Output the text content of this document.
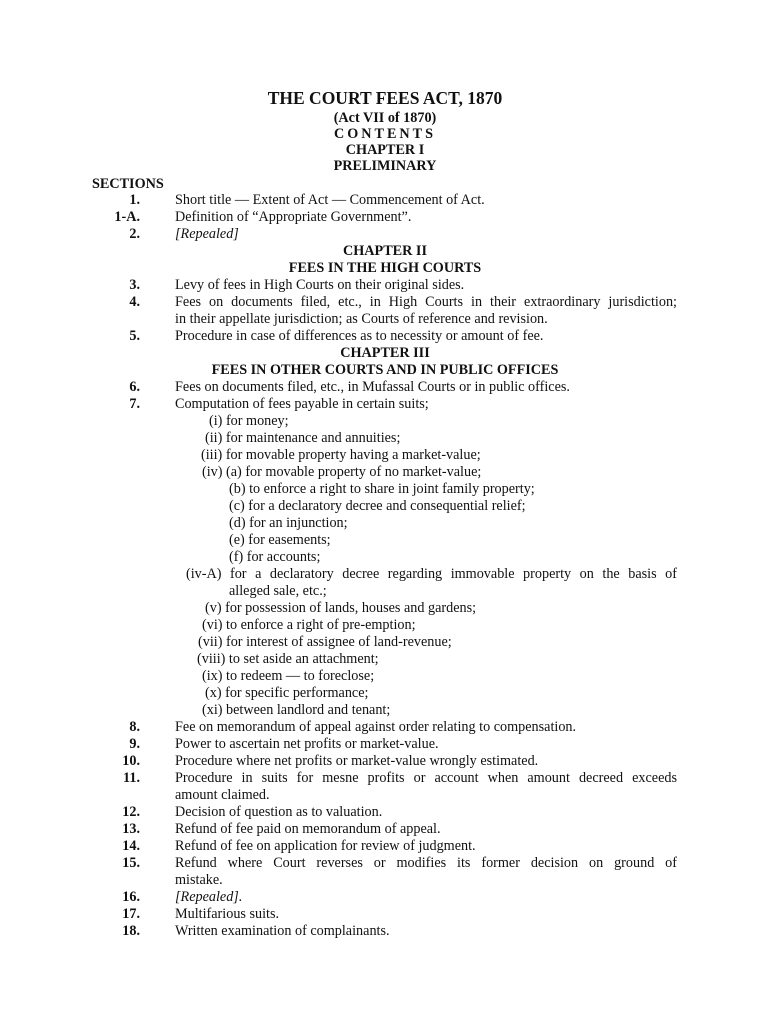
THE COURT FEES ACT, 1870
(Act VII of 1870)
CONTENTS
CHAPTER I
PRELIMINARY
SECTIONS
1. Short title — Extent of Act — Commencement of Act.
1-A. Definition of “Appropriate Government”.
2. [Repealed]
CHAPTER II
FEES IN THE HIGH COURTS
3. Levy of fees in High Courts on their original sides.
4. Fees on documents filed, etc., in High Courts in their extraordinary jurisdiction;
in their appellate jurisdiction; as Courts of reference and revision.
5. Procedure in case of differences as to necessity or amount of fee.
CHAPTER III
FEES IN OTHER COURTS AND IN PUBLIC OFFICES
6. Fees on documents filed, etc., in Mufassal Courts or in public offices.
7. Computation of fees payable in certain suits;
(i) for money;
(ii) for maintenance and annuities;
(iii) for movable property having a market-value;
(iv) (a) for movable property of no market-value;
(b) to enforce a right to share in joint family property;
(c) for a declaratory decree and consequential relief;
(d) for an injunction;
(e) for easements;
(f) for accounts;
(iv-A) for a declaratory decree regarding immovable property on the basis of
alleged sale, etc.;
(v) for possession of lands, houses and gardens;
(vi) to enforce a right of pre-emption;
(vii) for interest of assignee of land-revenue;
(viii) to set aside an attachment;
(ix) to redeem — to foreclose;
(x) for specific performance;
(xi) between landlord and tenant;
8. Fee on memorandum of appeal against order relating to compensation.
9. Power to ascertain net profits or market-value.
10. Procedure where net profits or market-value wrongly estimated.
11. Procedure in suits for mesne profits or account when amount decreed exceeds
amount claimed.
12. Decision of question as to valuation.
13. Refund of fee paid on memorandum of appeal.
14. Refund of fee on application for review of judgment.
15. Refund where Court reverses or modifies its former decision on ground of
mistake.
16. [Repealed].
17. Multifarious suits.
18. Written examination of complainants.
